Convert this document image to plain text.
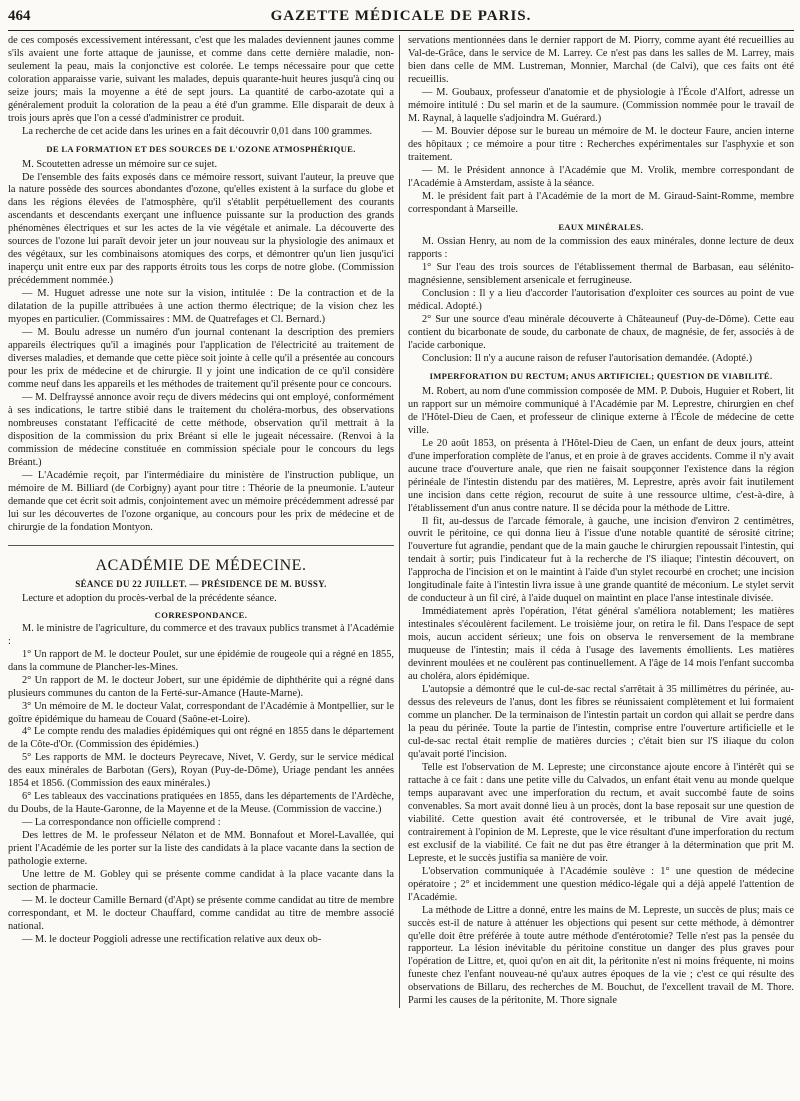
464	GAZETTE MÉDICALE DE PARIS.

de ces composés excessivement intéressant, c'est que les malades deviennent jaunes comme s'ils avaient une forte attaque de jaunisse, et comme dans cette dernière maladie, non-seulement la peau, mais la conjonctive est colorée. Le temps nécessaire pour que cette coloration apparaisse varie, suivant les malades, depuis quarante-huit heures jusqu'à cinq ou seize jours; mais la moyenne a été de sept jours. La quantité de carbo-azotate qui a généralement produit la coloration de la peau a été d'un gramme. Elle disparait de deux à trois jours après que l'on a cessé d'administrer ce produit.

La recherche de cet acide dans les urines en a fait découvrir 0,01 dans 100 grammes.

DE LA FORMATION ET DES SOURCES DE L'OZONE ATMOSPHÉRIQUE.

M. Scoutetten adresse un mémoire sur ce sujet.

De l'ensemble des faits exposés dans ce mémoire ressort, suivant l'auteur, la preuve que la nature possède des sources abondantes d'ozone, qu'elles existent à la surface du globe et dans les régions élevées de l'atmosphère, qu'il s'établit perpétuellement des courants ascendants et descendants exerçant une influence puissante sur la production des grands phénomènes électriques et sur les actes de la vie végétale et animale. La découverte des sources de l'ozone lui paraît devoir jeter un jour nouveau sur la physiologie des animaux et des végétaux, sur les combinaisons atomiques des corps, et démontrer qu'un lien jusqu'ici inaperçu unit entre eux par des rapports étroits tous les corps de notre globe. (Commission précédemment nommée.)

— M. Huguet adresse une note sur la vision, intitulée : De la contraction et de la dilatation de la pupille attribuées à une action thermo électrique; de la vision chez les myopes en particulier. (Commissaires : MM. de Quatrefages et Cl. Bernard.)

— M. Boulu adresse un numéro d'un journal contenant la description des premiers appareils électriques qu'il a imaginés pour l'application de l'électricité au traitement de diverses maladies, et demande que cette pièce soit jointe à celle qu'il a présentée au concours pour les prix de médecine et de chirurgie. Il y joint une indication de ce qu'il considère comme neuf dans les appareils et les méthodes de traitement qu'il présente pour ce concours.

— M. Delfrayssé annonce avoir reçu de divers médecins qui ont employé, conformément à ses indications, le tartre stibié dans le traitement du choléra-morbus, des observations nombreuses constatant l'efficacité de cette méthode, observation qu'il mettrait à la disposition de la commission du prix Bréant si elle le jugeait nécessaire. (Renvoi à la commission de médecine constituée en commission spéciale pour le concours du legs Bréant.)

— L'Académie reçoit, par l'intermédiaire du ministère de l'instruction publique, un mémoire de M. Billiard (de Corbigny) ayant pour titre : Théorie de la pneumonie. L'auteur demande que cet écrit soit admis, conjointement avec un mémoire précédemment adressé par lui sur les découvertes de l'ozone organique, au concours pour les prix de médecine et de chirurgie de la fondation Montyon.

ACADÉMIE DE MÉDECINE.
SÉANCE DU 22 JUILLET. — PRÉSIDENCE DE M. BUSSY.

Lecture et adoption du procès-verbal de la précédente séance.

CORRESPONDANCE.

M. le ministre de l'agriculture, du commerce et des travaux publics transmet à l'Académie :

1° Un rapport de M. le docteur Poulet, sur une épidémie de rougeole qui a régné en 1855, dans la commune de Plancher-les-Mines.

2° Un rapport de M. le docteur Jobert, sur une épidémie de diphthérite qui a régné dans plusieurs communes du canton de la Ferté-sur-Amance (Haute-Marne).

3° Un mémoire de M. le docteur Valat, correspondant de l'Académie à Montpellier, sur le goître épidémique du hameau de Couard (Saône-et-Loire).

4° Le compte rendu des maladies épidémiques qui ont régné en 1855 dans le département de la Côte-d'Or. (Commission des épidémies.)

5° Les rapports de MM. le docteurs Peyrecave, Nivet, V. Gerdy, sur le service médical des eaux minérales de Barbotan (Gers), Royan (Puy-de-Dôme), Uriage pendant les années 1854 et 1856. (Commission des eaux minérales.)

6° Les tableaux des vaccinations pratiquées en 1855, dans les départements de l'Ardèche, du Doubs, de la Haute-Garonne, de la Mayenne et de la Meuse. (Commission de vaccine.)

— La correspondance non officielle comprend :

Des lettres de M. le professeur Nélaton et de MM. Bonnafout et Morel-Lavallée, qui prient l'Académie de les porter sur la liste des candidats à la place vacante dans la section de pathologie externe.

Une lettre de M. Gobley qui se présente comme candidat à la place vacante dans la section de pharmacie.

— M. le docteur Camille Bernard (d'Apt) se présente comme candidat au titre de membre correspondant, et M. le docteur Chauffard, comme candidat au titre de membre associé national.

— M. le docteur Poggioli adresse une rectification relative aux deux ob-

servations mentionnées dans le dernier rapport de M. Piorry, comme ayant été recueillies au Val-de-Grâce, dans le service de M. Larrey. Ce n'est pas dans les salles de M. Larrey, mais bien dans celle de MM. Lustreman, Monnier, Marchal (de Calvi), que ces faits ont été recueillis.

— M. Goubaux, professeur d'anatomie et de physiologie à l'École d'Alfort, adresse un mémoire intitulé : Du sel marin et de la saumure. (Commission nommée pour le travail de M. Raynal, à laquelle s'adjoindra M. Guérard.)

— M. Bouvier dépose sur le bureau un mémoire de M. le docteur Faure, ancien interne des hôpitaux ; ce mémoire a pour titre : Recherches expérimentales sur l'asphyxie et son traitement.

— M. le Président annonce à l'Académie que M. Vrolik, membre correspondant de l'Académie à Amsterdam, assiste à la séance.

M. le président fait part à l'Académie de la mort de M. Giraud-Saint-Romme, membre correspondant à Marseille.

EAUX MINÉRALES.

M. Ossian Henry, au nom de la commission des eaux minérales, donne lecture de deux rapports :

1° Sur l'eau des trois sources de l'établissement thermal de Barbasan, eau sélénito-magnésienne, sensiblement arsenicale et ferrugineuse.

Conclusion : Il y a lieu d'accorder l'autorisation d'exploiter ces sources au point de vue médical. Adopté.)

2° Sur une source d'eau minérale découverte à Châteauneuf (Puy-de-Dôme). Cette eau contient du bicarbonate de soude, du carbonate de chaux, de magnésie, de fer, associés à de l'acide carbonique.

Conclusion: Il n'y a aucune raison de refuser l'autorisation demandée. (Adopté.)

IMPERFORATION DU RECTUM; ANUS ARTIFICIEL; QUESTION DE VIABILITÉ.

M. Robert, au nom d'une commission composée de MM. P. Dubois, Huguier et Robert, lit un rapport sur un mémoire communiqué à l'Académie par M. Leprestre, chirurgien en chef de l'Hôtel-Dieu de Caen, et professeur de clinique externe à l'École de médecine de cette ville.

Le 20 août 1853, on présenta à l'Hôtel-Dieu de Caen, un enfant de deux jours, atteint d'une imperforation complète de l'anus, et en proie à de graves accidents. Comme il n'y avait aucune trace d'ouverture anale, que rien ne faisait soupçonner l'existence dans la région périnéale de l'intestin distendu par des matières, M. Leprestre, après avoir fait inutilement une incision dans cette région, recourut de suite à une ressource ultime, c'est-à-dire, à l'établissement d'un anus contre nature. Il se décida pour la méthode de Littre.

Il fit, au-dessus de l'arcade fémorale, à gauche, une incision d'environ 2 centimètres, ouvrit le péritoine, ce qui donna lieu à l'issue d'une notable quantité de sérosité citrine; l'ouverture fut agrandie, pendant que de la main gauche le chirurgien repoussait l'intestin, qui tendait à sortir; puis l'indicateur fut à la recherche de l'S iliaque; l'intestin découvert, on l'approcha de l'incision et on le maintint à l'aide d'un stylet recourbé en crochet; une incision longitudinale faite à l'intestin livra issue à une grande quantité de méconium. Le stylet servit de conducteur à un fil ciré, à l'aide duquel on maintint en place l'anse intestinale divisée.

Immédiatement après l'opération, l'état général s'améliora notablement; les matières intestinales s'écoulèrent facilement. Le troisième jour, on retira le fil. Dans l'espace de sept mois, aucun accident sérieux; une fois on observa le renversement de la membrane muqueuse de l'intestin; mais il céda à l'usage des lavements émollients. Les matières devinrent moulées et ne coulèrent pas continuellement. A l'âge de 14 mois l'enfant succomba au choléra, alors épidémique.

L'autopsie a démontré que le cul-de-sac rectal s'arrêtait à 35 millimètres du périnée, au-dessus des releveurs de l'anus, dont les fibres se réunissaient complètement et lui formaient comme un plancher. De la terminaison de l'intestin partait un cordon qui allait se perdre dans la peau du périnée. Toute la partie de l'intestin, comprise entre l'ouverture artificielle et le cul-de-sac rectal était remplie de matières durcies ; c'était bien sur l'S iliaque du colon qu'avait porté l'incision.

Telle est l'observation de M. Lepreste; une circonstance ajoute encore à l'intérêt qui se rattache à ce fait : dans une petite ville du Calvados, un enfant était venu au monde quelque temps auparavant avec une imperforation du rectum, et avait succombé faute de soins convenables. Sa mort avait donné lieu à un procès, dont la base reposait sur une question de viabilité. Cette question avait été controversée, et le tribunal de Vire avait jugé, contrairement à l'opinion de M. Lepreste, que le vice résultant d'une imperforation du rectum est exclusif de la viabilité. Ce fait ne dut pas être étranger à la détermination que prit M. Lepreste, et le succès justifia sa manière de voir.

L'observation communiquée à l'Académie soulève : 1° une question de médecine opératoire ; 2° et incidemment une question médico-légale qui a déjà appelé l'attention de l'Académie.

La méthode de Littre a donné, entre les mains de M. Lepreste, un succès de plus; mais ce succès est-il de nature à atténuer les objections qui pesent sur cette méthode, à démontrer qu'elle doit être préférée à toute autre méthode d'entérotomie? Telle n'est pas la pensée du rapporteur. La lésion inévitable du péritoine constitue un danger des plus graves pour l'opération de Littre, et, quoi qu'on en ait dit, la péritonite n'est ni moins fréquente, ni moins funeste chez l'enfant nouveau-né qu'aux autres époques de la vie ; c'est ce qui résulte des observations de Billaru, des recherches de M. Bouchut, de l'excellent travail de M. Thore. Parmi les causes de la péritonite, M. Thore signale
